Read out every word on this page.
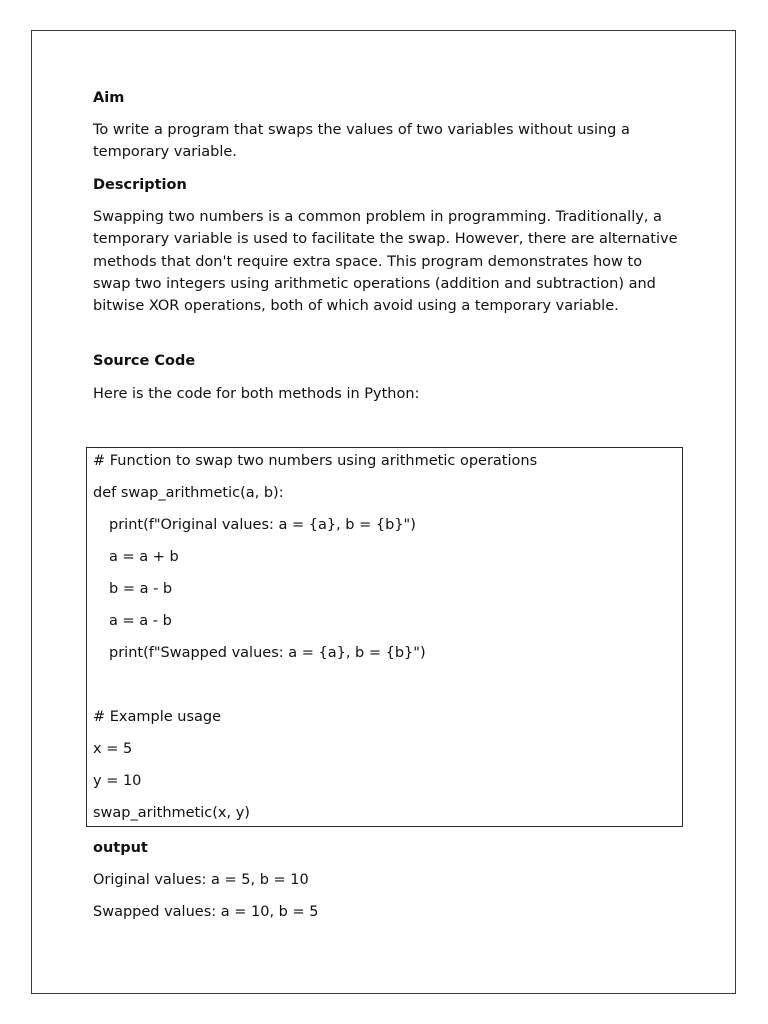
Aim
To write a program that swaps the values of two variables without using a temporary variable.
Description
Swapping two numbers is a common problem in programming. Traditionally, a temporary variable is used to facilitate the swap. However, there are alternative methods that don't require extra space. This program demonstrates how to swap two integers using arithmetic operations (addition and subtraction) and bitwise XOR operations, both of which avoid using a temporary variable.
Source Code
Here is the code for both methods in Python:
# Function to swap two numbers using arithmetic operations
def swap_arithmetic(a, b):
print(f"Original values: a = {a}, b = {b}")
a = a + b
b = a - b
a = a - b
print(f"Swapped values: a = {a}, b = {b}")
# Example usage
x = 5
y = 10
swap_arithmetic(x, y)
output
Original values: a = 5, b = 10
Swapped values: a = 10, b = 5
